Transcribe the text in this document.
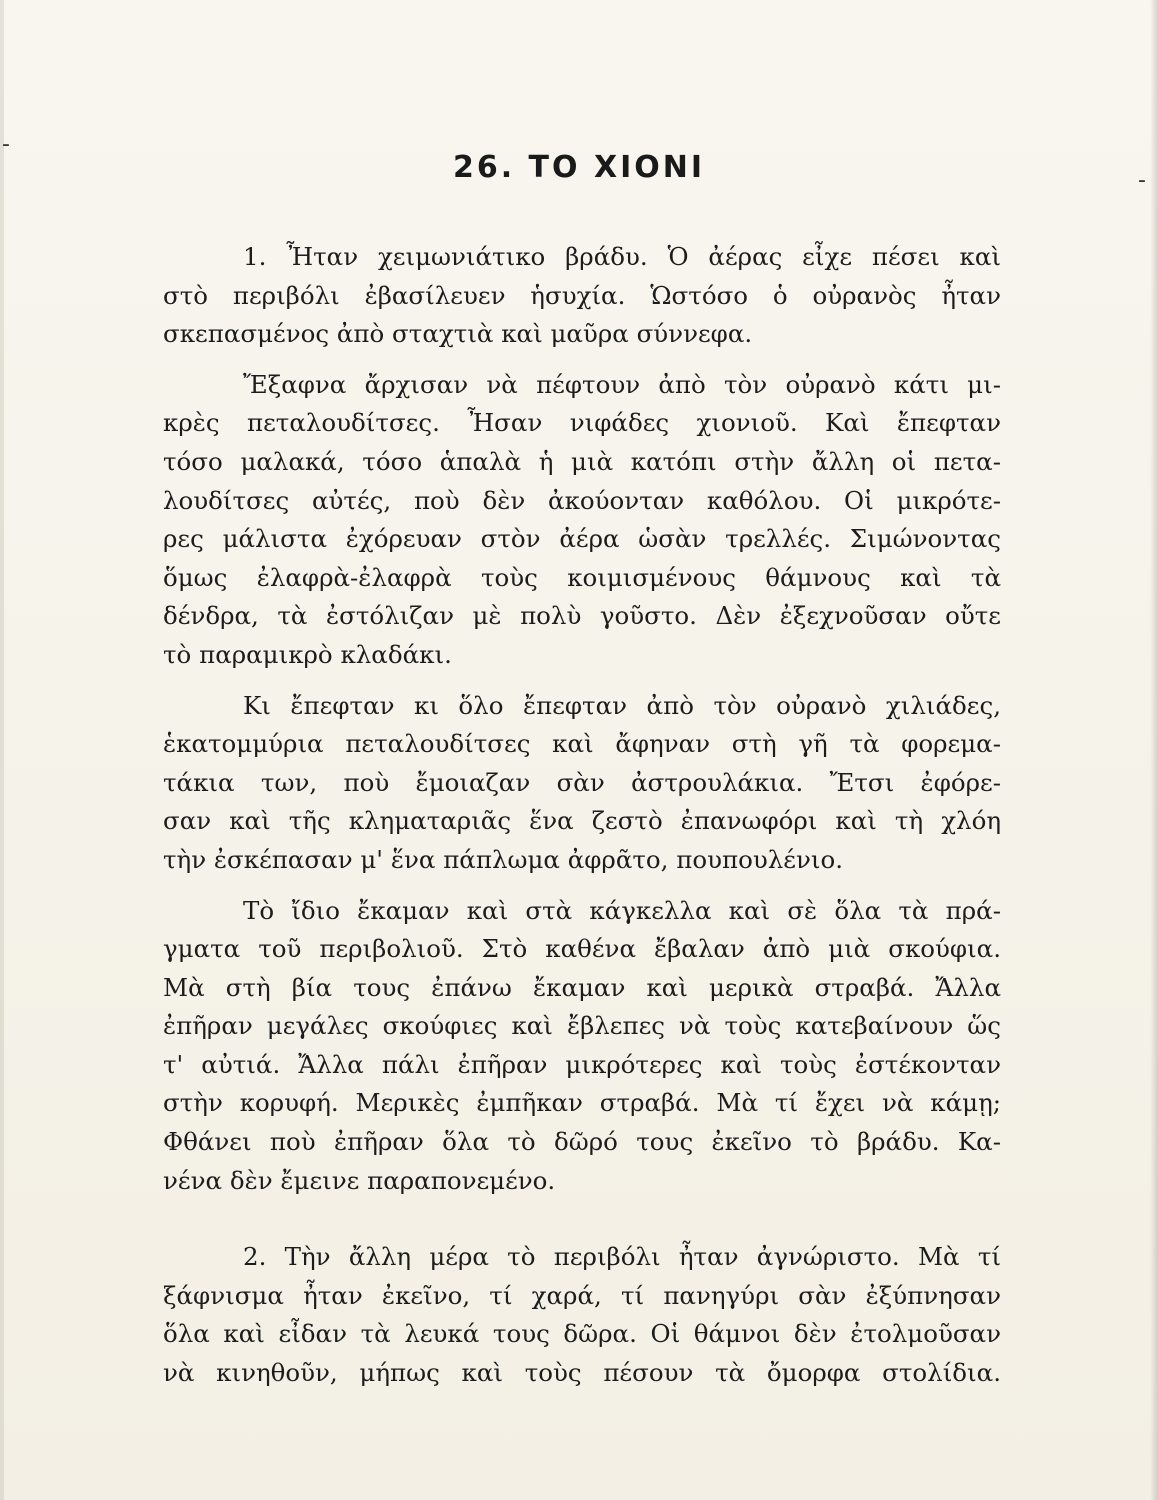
‐
‐
26. ΤΟ ΧΙΟΝΙ
1. Ἦταν χειμωνιάτικο βράδυ. Ὁ ἀέρας εἶχε πέσει καὶ
στὸ περιβόλι ἐβασίλευεν ἡσυχία. Ὡστόσο ὁ οὐρανὸς ἦταν
σκεπασμένος ἀπὸ σταχτιὰ καὶ μαῦρα σύννεφα.
Ἔξαφνα ἄρχισαν νὰ πέφτουν ἀπὸ τὸν οὐρανὸ κάτι μι-
κρὲς πεταλουδίτσες. Ἦσαν νιφάδες χιονιοῦ. Καὶ ἔπεφταν
τόσο μαλακά, τόσο ἁπαλὰ ἡ μιὰ κατόπι στὴν ἄλλη οἱ πετα-
λουδίτσες αὐτές, ποὺ δὲν ἀκούονταν καθόλου. Οἱ μικρότε-
ρες μάλιστα ἐχόρευαν στὸν ἀέρα ὡσὰν τρελλές. Σιμώνοντας
ὅμως ἐλαφρὰ-ἐλαφρὰ τοὺς κοιμισμένους θάμνους καὶ τὰ
δένδρα, τὰ ἐστόλιζαν μὲ πολὺ γοῦστο. Δὲν ἐξεχνοῦσαν οὔτε
τὸ παραμικρὸ κλαδάκι.
Κι ἔπεφταν κι ὅλο ἔπεφταν ἀπὸ τὸν οὐρανὸ χιλιάδες,
ἑκατομμύρια πεταλουδίτσες καὶ ἄφηναν στὴ γῆ τὰ φορεμα-
τάκια των, ποὺ ἔμοιαζαν σὰν ἀστρουλάκια. Ἔτσι ἐφόρε-
σαν καὶ τῆς κληματαριᾶς ἕνα ζεστὸ ἐπανωφόρι καὶ τὴ χλόη
τὴν ἐσκέπασαν μ' ἕνα πάπλωμα ἀφρᾶτο, πουπουλένιο.
Τὸ ἴδιο ἔκαμαν καὶ στὰ κάγκελλα καὶ σὲ ὅλα τὰ πρά-
γματα τοῦ περιβολιοῦ. Στὸ καθένα ἔβαλαν ἀπὸ μιὰ σκούφια.
Μὰ στὴ βία τους ἐπάνω ἔκαμαν καὶ μερικὰ στραβά. Ἄλλα
ἐπῆραν μεγάλες σκούφιες καὶ ἔβλεπες νὰ τοὺς κατεβαίνουν ὥς
τ' αὐτιά. Ἄλλα πάλι ἐπῆραν μικρότερες καὶ τοὺς ἐστέκονταν
στὴν κορυφή. Μερικὲς ἐμπῆκαν στραβά. Μὰ τί ἔχει νὰ κάμῃ;
Φθάνει ποὺ ἐπῆραν ὅλα τὸ δῶρό τους ἐκεῖνο τὸ βράδυ. Κα-
νένα δὲν ἔμεινε παραπονεμένο.
2. Τὴν ἄλλη μέρα τὸ περιβόλι ἦταν ἀγνώριστο. Μὰ τί
ξάφνισμα ἦταν ἐκεῖνο, τί χαρά, τί πανηγύρι σὰν ἐξύπνησαν
ὅλα καὶ εἶδαν τὰ λευκά τους δῶρα. Οἱ θάμνοι δὲν ἐτολμοῦσαν
νὰ κινηθοῦν, μήπως καὶ τοὺς πέσουν τὰ ὄμορφα στολίδια.
